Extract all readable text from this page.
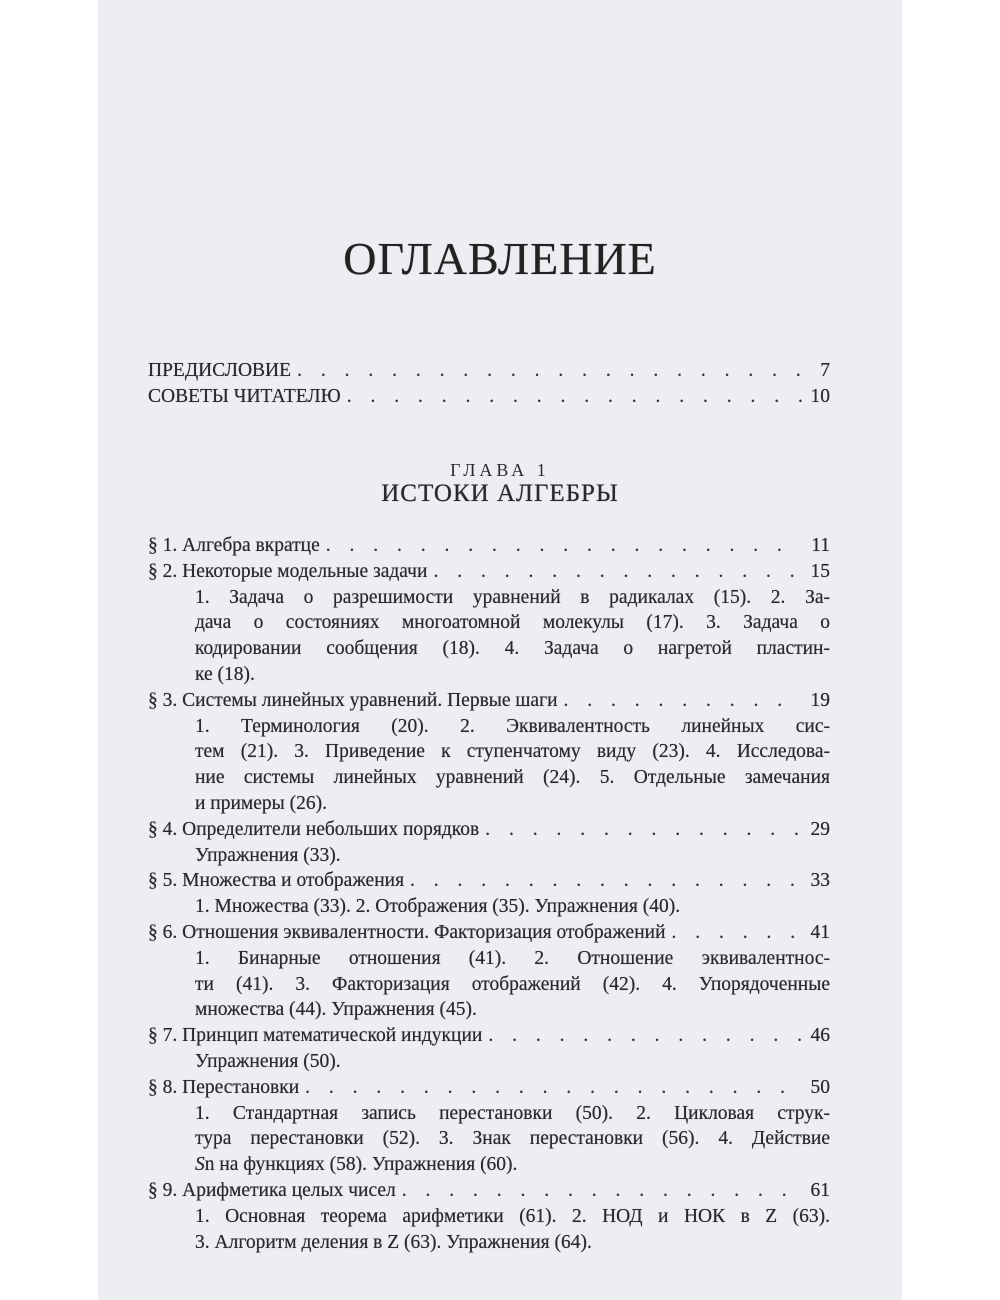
ОГЛАВЛЕНИЕ
ПРЕДИСЛОВИЕ . . .	7
СОВЕТЫ ЧИТАТЕЛЮ . . .	10
ГЛАВА 1
ИСТОКИ АЛГЕБРЫ
§ 1. Алгебра вкратце . . .	11
§ 2. Некоторые модельные задачи . . .	15
1. Задача о разрешимости уравнений в радикалах (15). 2. За-
дача о состояниях многоатомной молекулы (17). 3. Задача о
кодировании сообщения (18). 4. Задача о нагретой пластин-
ке (18).
§ 3. Системы линейных уравнений. Первые шаги . . .	19
1. Терминология (20). 2. Эквивалентность линейных сис-
тем (21). 3. Приведение к ступенчатому виду (23). 4. Исследова-
ние системы линейных уравнений (24). 5. Отдельные замечания
и примеры (26).
§ 4. Определители небольших порядков . . .	29
Упражнения (33).
§ 5. Множества и отображения . . .	33
1. Множества (33). 2. Отображения (35). Упражнения (40).
§ 6. Отношения эквивалентности. Факторизация отображений . . .	41
1. Бинарные отношения (41). 2. Отношение эквивалентнос-
ти (41). 3. Факторизация отображений (42). 4. Упорядоченные
множества (44). Упражнения (45).
§ 7. Принцип математической индукции . . .	46
Упражнения (50).
§ 8. Перестановки . . .	50
1. Стандартная запись перестановки (50). 2. Цикловая струк-
тура перестановки (52). 3. Знак перестановки (56). 4. Действие
Sn на функциях (58). Упражнения (60).
§ 9. Арифметика целых чисел . . .	61
1. Основная теорема арифметики (61). 2. НОД и НОК в Z (63).
3. Алгоритм деления в Z (63). Упражнения (64).
